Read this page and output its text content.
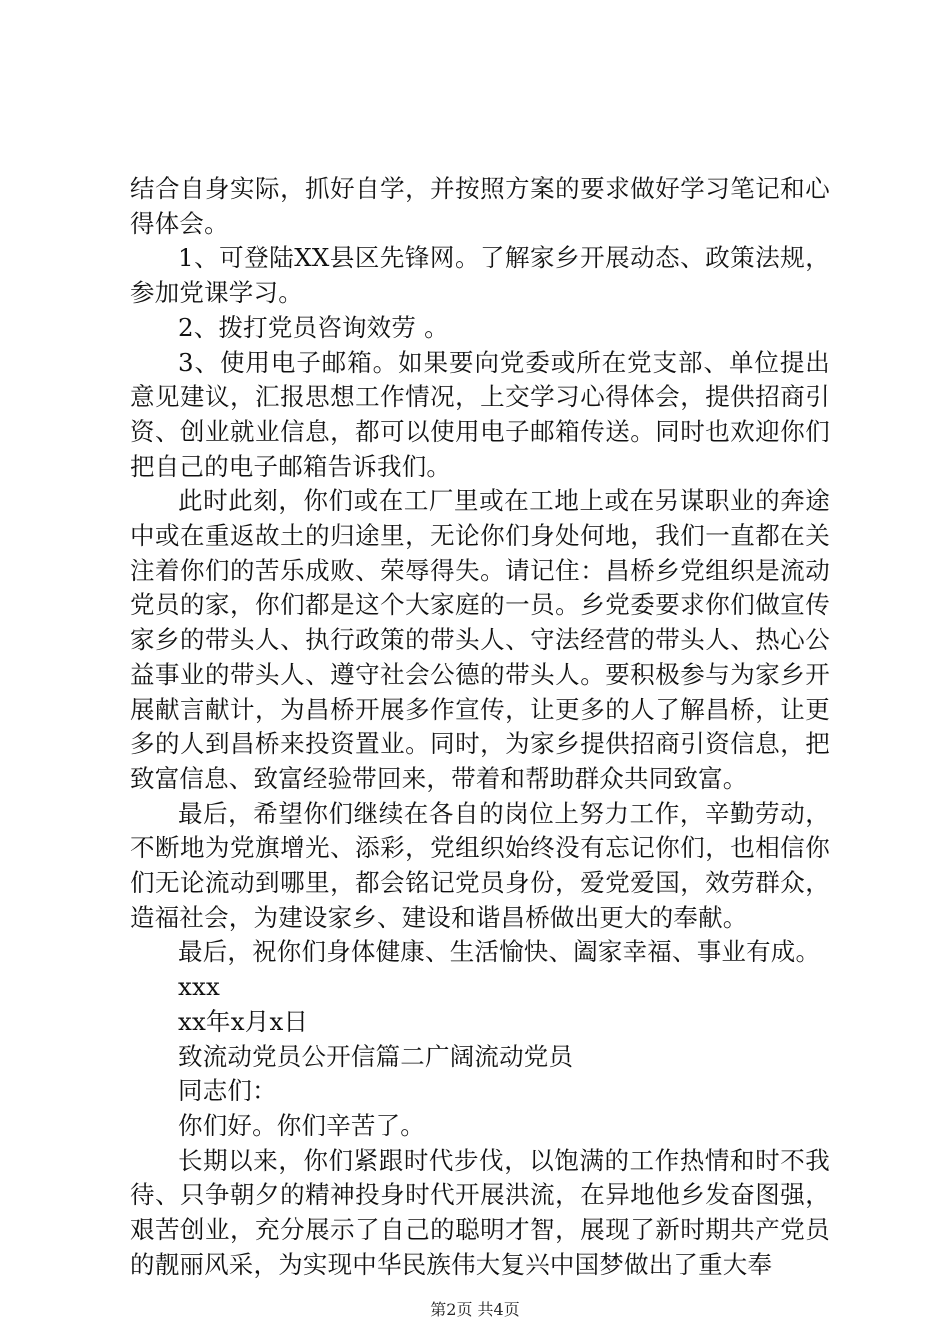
结合自身实际，抓好自学，并按照方案的要求做好学习笔记和心得体会。

1、可登陆XX县区先锋网。了解家乡开展动态、政策法规，参加党课学习。

2、拨打党员咨询效劳 。

3、使用电子邮箱。如果要向党委或所在党支部、单位提出意见建议，汇报思想工作情况，上交学习心得体会，提供招商引资、创业就业信息，都可以使用电子邮箱传送。同时也欢迎你们把自己的电子邮箱告诉我们。

此时此刻，你们或在工厂里或在工地上或在另谋职业的奔途中或在重返故土的归途里，无论你们身处何地，我们一直都在关注着你们的苦乐成败、荣辱得失。请记住：昌桥乡党组织是流动党员的家，你们都是这个大家庭的一员。乡党委要求你们做宣传家乡的带头人、执行政策的带头人、守法经营的带头人、热心公益事业的带头人、遵守社会公德的带头人。要积极参与为家乡开展献言献计，为昌桥开展多作宣传，让更多的人了解昌桥，让更多的人到昌桥来投资置业。同时，为家乡提供招商引资信息，把致富信息、致富经验带回来，带着和帮助群众共同致富。

最后，希望你们继续在各自的岗位上努力工作，辛勤劳动，不断地为党旗增光、添彩，党组织始终没有忘记你们，也相信你们无论流动到哪里，都会铭记党员身份，爱党爱国，效劳群众，造福社会，为建设家乡、建设和谐昌桥做出更大的奉献。

最后，祝你们身体健康、生活愉快、阖家幸福、事业有成。

xxx

xx年x月x日

致流动党员公开信篇二广阔流动党员

同志们：

你们好。你们辛苦了。

长期以来，你们紧跟时代步伐，以饱满的工作热情和时不我待、只争朝夕的精神投身时代开展洪流，在异地他乡发奋图强，艰苦创业，充分展示了自己的聪明才智，展现了新时期共产党员的靓丽风采，为实现中华民族伟大复兴中国梦做出了重大奉

第2页 共4页
